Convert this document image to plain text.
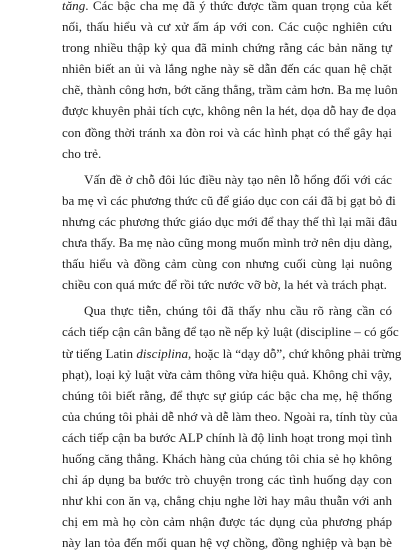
tăng. Các bậc cha mẹ đã ý thức được tầm quan trọng của kết
nối, thấu hiểu và cư xử ấm áp với con. Các cuộc nghiên cứu
trong nhiều thập kỷ qua đã minh chứng rằng các bản năng tự
nhiên biết an ủi và lắng nghe này sẽ dẫn đến các quan hệ chặt
chẽ, thành công hơn, bớt căng thẳng, trầm cảm hơn. Ba mẹ luôn
được khuyên phải tích cực, không nên la hét, dọa dỗ hay đe dọa
con đồng thời tránh xa đòn roi và các hình phạt có thể gây hại
cho trẻ.
Vấn đề ở chỗ đôi lúc điều này tạo nên lỗ hổng đối với các
ba mẹ vì các phương thức cũ để giáo dục con cái đã bị gạt bỏ đi
nhưng các phương thức giáo dục mới để thay thế thì lại mãi đâu
chưa thấy. Ba mẹ nào cũng mong muốn mình trở nên dịu dàng,
thấu hiểu và đồng cảm cùng con nhưng cuối cùng lại nuông
chiều con quá mức để rồi tức nước vỡ bờ, la hét và trách phạt.
Qua thực tiễn, chúng tôi đã thấy nhu cầu rõ ràng cần có
cách tiếp cận cân bằng để tạo nề nếp kỷ luật (discipline – có gốc
từ tiếng Latin disciplina, hoặc là “dạy dỗ”, chứ không phải trừng
phạt), loại kỷ luật vừa cảm thông vừa hiệu quả. Không chỉ vậy,
chúng tôi biết rằng, để thực sự giúp các bậc cha mẹ, hệ thống
của chúng tôi phải dễ nhớ và dễ làm theo. Ngoài ra, tính tùy của
cách tiếp cận ba bước ALP chính là độ linh hoạt trong mọi tình
huống căng thẳng. Khách hàng của chúng tôi chia sẻ họ không
chỉ áp dụng ba bước trò chuyện trong các tình huống dạy con
như khi con ăn vạ, chẳng chịu nghe lời hay mâu thuẫn với anh
chị em mà họ còn cảm nhận được tác dụng của phương pháp
này lan tỏa đến mối quan hệ vợ chồng, đồng nghiệp và bạn bè
